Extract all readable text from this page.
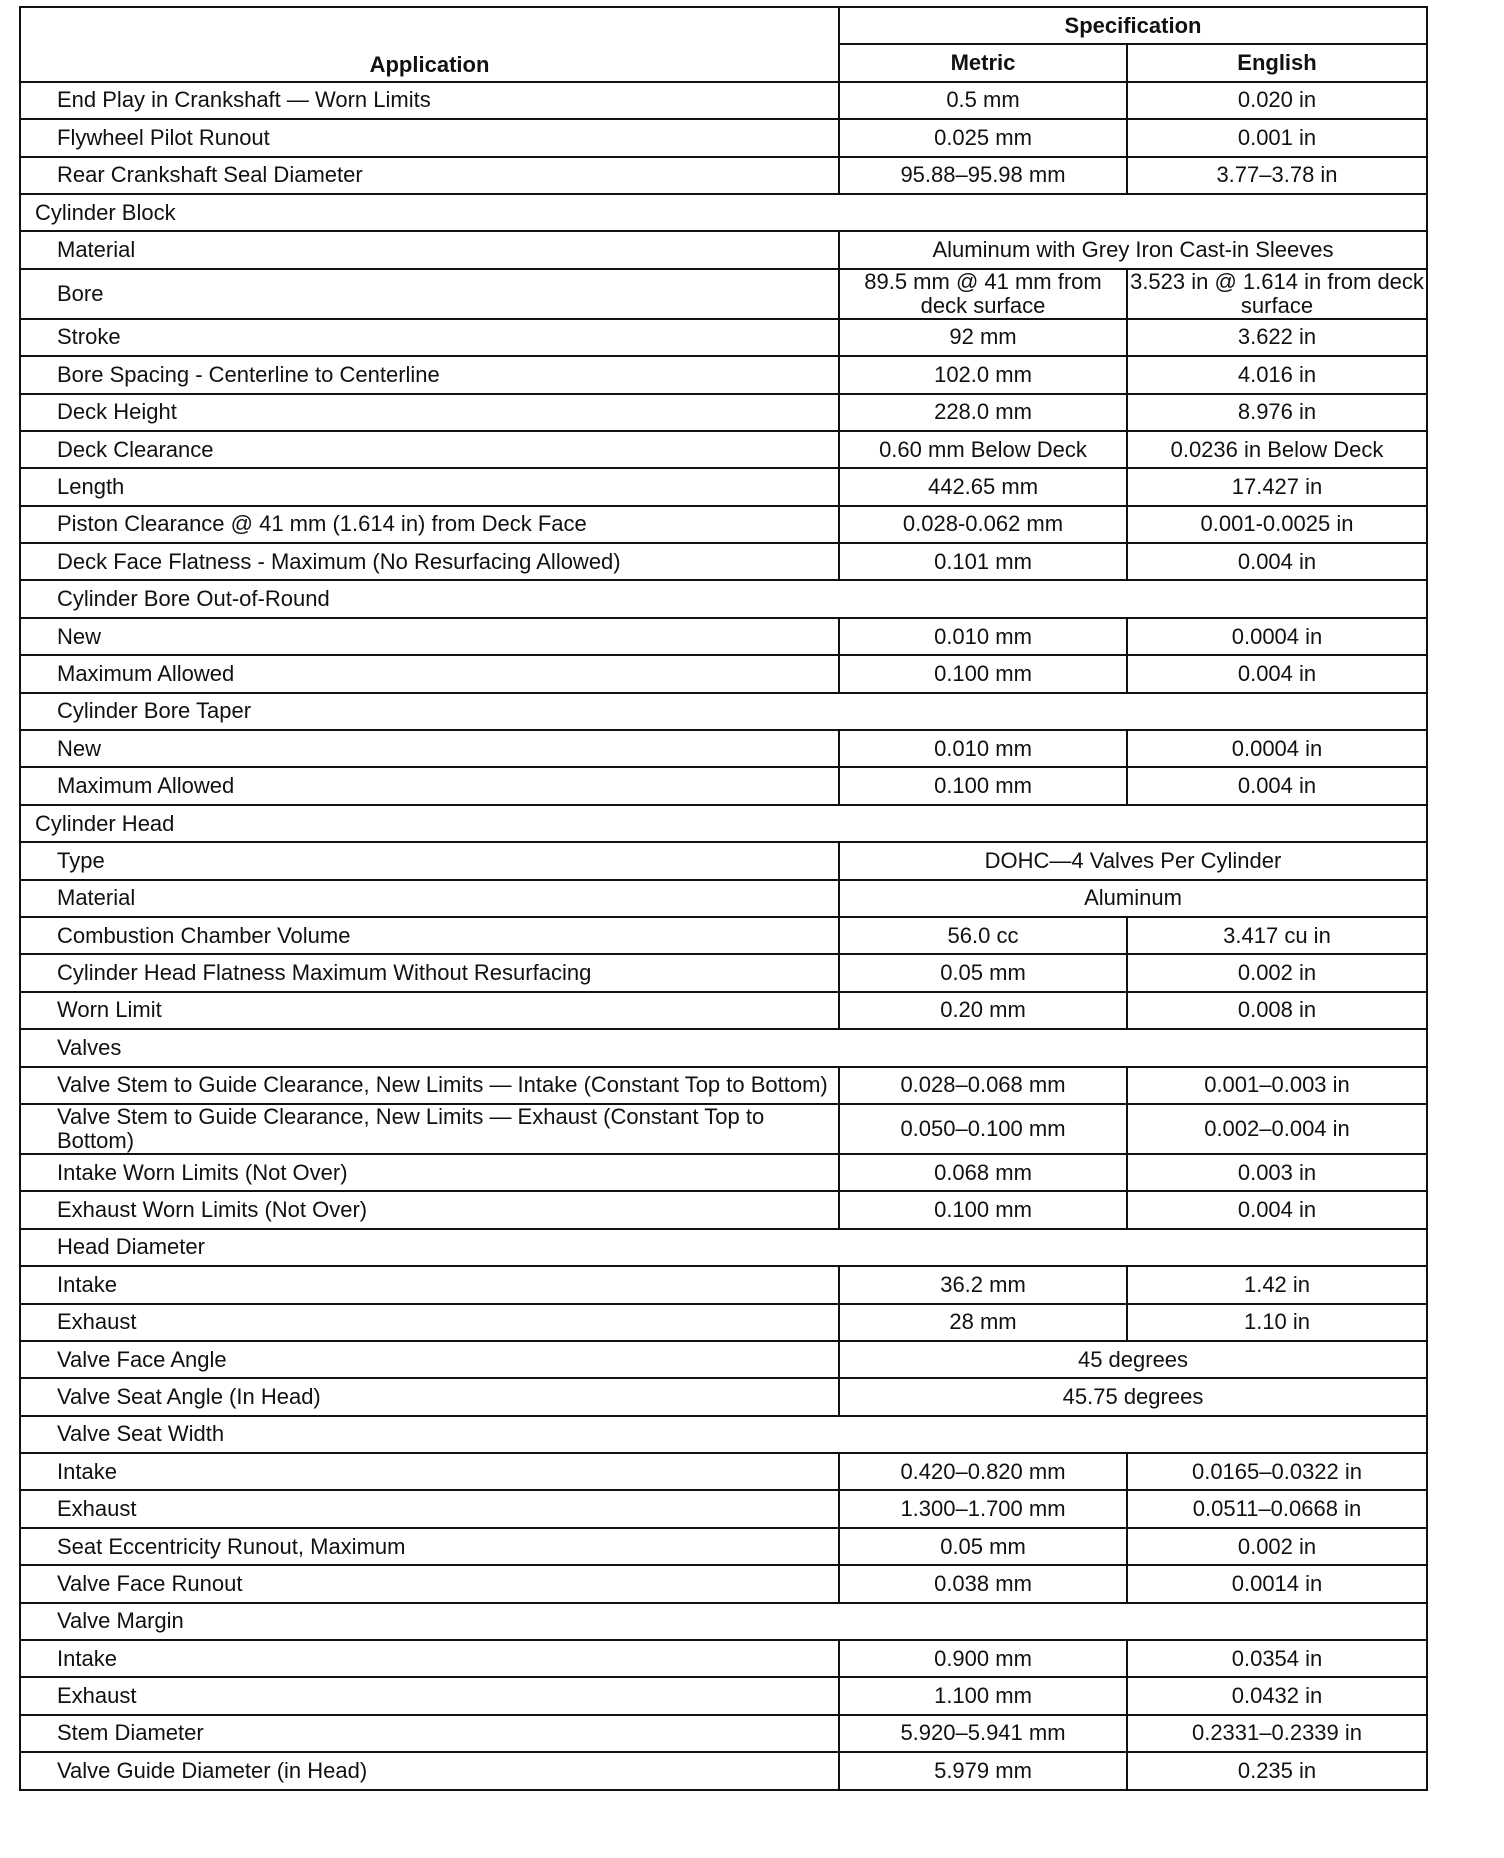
Application	Specification	
	Metric	English
End Play in Crankshaft — Worn Limits	0.5 mm	0.020 in
Flywheel Pilot Runout	0.025 mm	0.001 in
Rear Crankshaft Seal Diameter	95.88–95.98 mm	3.77–3.78 in
Cylinder Block		
Material	Aluminum with Grey Iron Cast-in Sleeves	
Bore	89.5 mm @ 41 mm from deck surface	3.523 in @ 1.614 in from deck surface
Stroke	92 mm	3.622 in
Bore Spacing - Centerline to Centerline	102.0 mm	4.016 in
Deck Height	228.0 mm	8.976 in
Deck Clearance	0.60 mm Below Deck	0.0236 in Below Deck
Length	442.65 mm	17.427 in
Piston Clearance @ 41 mm (1.614 in) from Deck Face	0.028-0.062 mm	0.001-0.0025 in
Deck Face Flatness - Maximum (No Resurfacing Allowed)	0.101 mm	0.004 in
Cylinder Bore Out-of-Round		
New	0.010 mm	0.0004 in
Maximum Allowed	0.100 mm	0.004 in
Cylinder Bore Taper		
New	0.010 mm	0.0004 in
Maximum Allowed	0.100 mm	0.004 in
Cylinder Head		
Type	DOHC—4 Valves Per Cylinder	
Material	Aluminum	
Combustion Chamber Volume	56.0 cc	3.417 cu in
Cylinder Head Flatness Maximum Without Resurfacing	0.05 mm	0.002 in
Worn Limit	0.20 mm	0.008 in
Valves		
Valve Stem to Guide Clearance, New Limits — Intake (Constant Top to Bottom)	0.028–0.068 mm	0.001–0.003 in
Valve Stem to Guide Clearance, New Limits — Exhaust (Constant Top to Bottom)	0.050–0.100 mm	0.002–0.004 in
Intake Worn Limits (Not Over)	0.068 mm	0.003 in
Exhaust Worn Limits (Not Over)	0.100 mm	0.004 in
Head Diameter		
Intake	36.2 mm	1.42 in
Exhaust	28 mm	1.10 in
Valve Face Angle	45 degrees	
Valve Seat Angle (In Head)	45.75 degrees	
Valve Seat Width		
Intake	0.420–0.820 mm	0.0165–0.0322 in
Exhaust	1.300–1.700 mm	0.0511–0.0668 in
Seat Eccentricity Runout, Maximum	0.05 mm	0.002 in
Valve Face Runout	0.038 mm	0.0014 in
Valve Margin		
Intake	0.900 mm	0.0354 in
Exhaust	1.100 mm	0.0432 in
Stem Diameter	5.920–5.941 mm	0.2331–0.2339 in
Valve Guide Diameter (in Head)	5.979 mm	0.235 in
